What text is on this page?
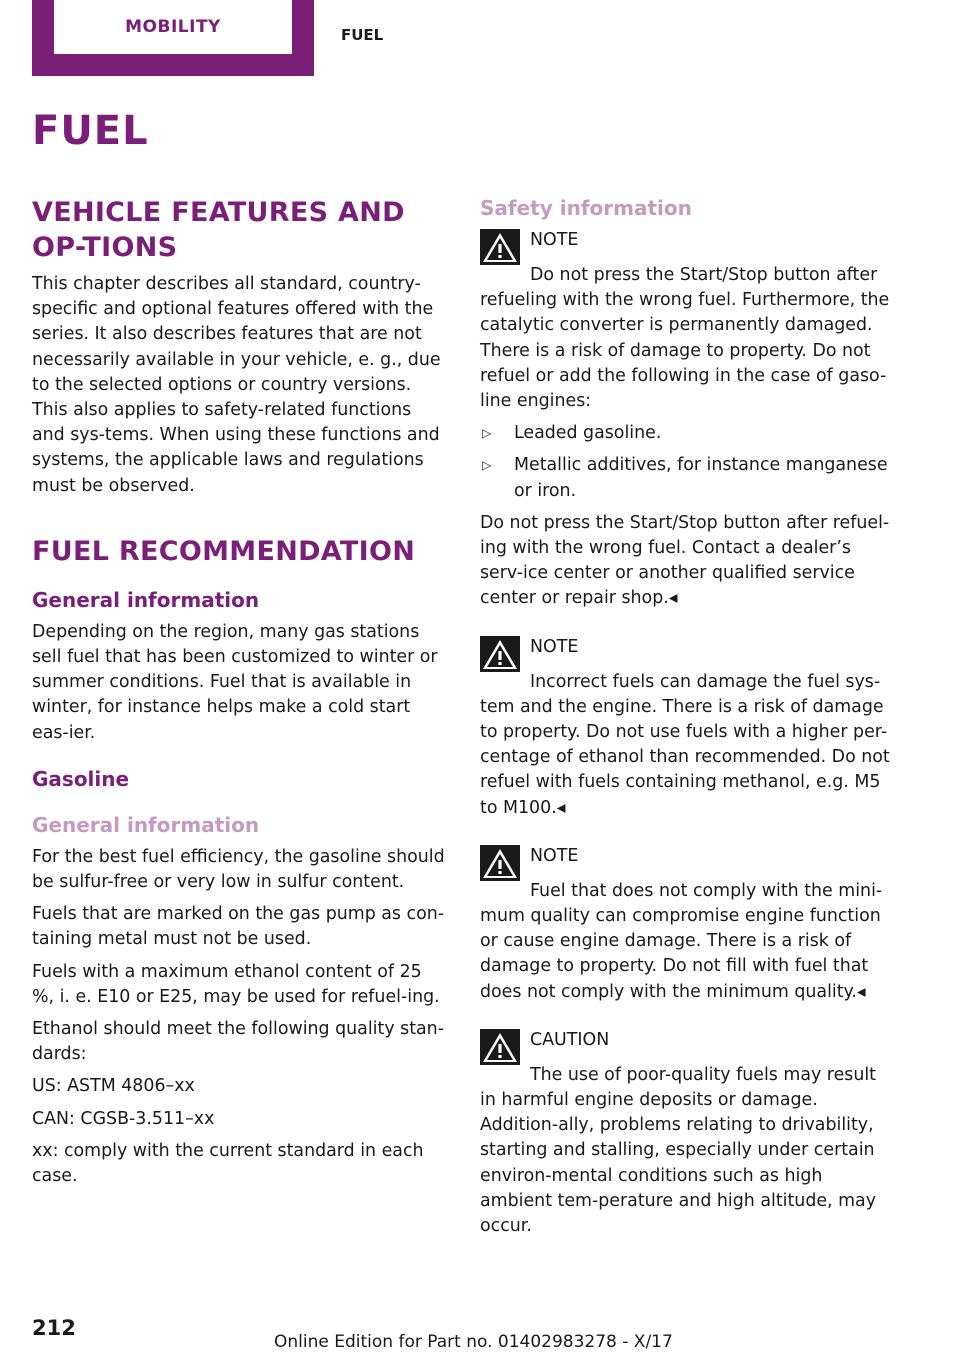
MOBILITY	FUEL
FUEL
VEHICLE FEATURES AND OP-TIONS

This chapter describes all standard, country-specific and optional features offered with the series. It also describes features that are not necessarily available in your vehicle, e. g., due to the selected options or country versions. This also applies to safety-related functions and sys-tems. When using these functions and systems, the applicable laws and regulations must be observed.

FUEL RECOMMENDATION
General information

Depending on the region, many gas stations sell fuel that has been customized to winter or summer conditions. Fuel that is available in winter, for instance helps make a cold start eas-ier.

Gasoline
General information

For the best fuel efficiency, the gasoline should be sulfur-free or very low in sulfur content.

Fuels that are marked on the gas pump as con-taining metal must not be used.

Fuels with a maximum ethanol content of 25 %, i. e. E10 or E25, may be used for refuel-ing.

Ethanol should meet the following quality stan-dards:

US: ASTM 4806–xx

CAN: CGSB-3.511–xx

xx: comply with the current standard in each case.

Safety information
NOTE

Do not press the Start/Stop button after refueling with the wrong fuel. Furthermore, the catalytic converter is permanently damaged. There is a risk of damage to property. Do not refuel or add the following in the case of gaso-line engines:

▷ Leaded gasoline.
▷ Metallic additives, for instance manganese or iron.

Do not press the Start/Stop button after refuel-ing with the wrong fuel. Contact a dealer’s serv-ice center or another qualified service center or repair shop.◂

NOTE

Incorrect fuels can damage the fuel sys-tem and the engine. There is a risk of damage to property. Do not use fuels with a higher per-centage of ethanol than recommended. Do not refuel with fuels containing methanol, e.g. M5 to M100.◂

NOTE

Fuel that does not comply with the mini-mum quality can compromise engine function or cause engine damage. There is a risk of damage to property. Do not fill with fuel that does not comply with the minimum quality.◂

CAUTION

The use of poor-quality fuels may result in harmful engine deposits or damage. Addition-ally, problems relating to drivability, starting and stalling, especially under certain environ-mental conditions such as high ambient tem-perature and high altitude, may occur.

212
Online Edition for Part no. 01402983278 - X/17
